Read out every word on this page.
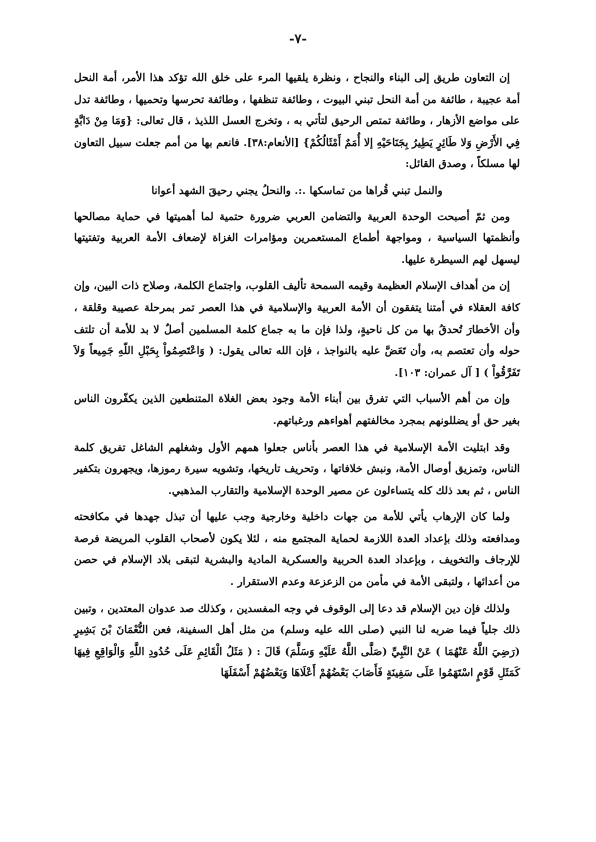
-٧-

إن التعاون طريق إلى البناء والنجاح ، ونظرة يلقيها المرء على خلق الله تؤكد هذا الأمر، أمة النحل أمة عجيبة ، طائفة من أمة النحل تبني البيوت ، وطائفة تنظفها ، وطائفة تحرسها وتحميها ، وطائفة تدل على مواضع الأزهار ، وطائفة تمتص الرحيق لتأتي به ، وتخرج العسل اللذيذ ، قال تعالى: {وَمَا مِنْ دَابَّةٍ فِي الأَرْضِ وَلا طَائِرٍ يَطِيرُ بِجَنَاحَيْهِ إلا أُمَمٌ أَمْثَالُكُمْ} [الأنعام:٣٨]. فانعم بها من أمم جعلت سبيل التعاون لها مسلكاً ، وصدق القائل:

والنمل تبني قُراها من تماسكها .:. والنحلُ يجني رحيقَ الشهد أعوانا

ومن ثمّ أصبحت الوحدة العربية والتضامن العربي ضرورة حتمية لما أهميتها في حماية مصالحها وأنظمتها السياسية ، ومواجهة أطماع المستعمرين ومؤامرات الغزاة لإضعاف الأمة العربية وتفتيتها ليسهل لهم السيطرة عليها.

إن من أهداف الإسلام العظيمة وقيمه السمحة تأليف القلوب، واجتماع الكلمة، وصلاح ذات البين، وإن كافة العقلاء في أمتنا يتفقون أن الأمة العربية والإسلامية في هذا العصر تمر بمرحلة عصيبة وقلقة ، وأن الأخطارَ تُحدقُ بها من كل ناحيةٍ، ولذا فإن ما به جماع كلمة المسلمين أصلٌ لا بد للأمة أن تلتف حوله وأن تعتصم به، وأن تَعَضَّ عليه بالنواجذ ، فإن الله تعالى يقول: ( وَاعْتَصِمُواْ بِحَبْلِ اللّهِ جَمِيعاً وَلاَ تَفَرَّقُواْ ) [ آل عمران: ١٠٣].

وإن من أهم الأسباب التي تفرق بين أبناء الأمة وجود بعض الغلاة المتنطعين الذين يكفّرون الناس بغير حق أو يضللونهم بمجرد مخالفتهم أهواءهم ورغباتهم.

وقد ابتليت الأمة الإسلامية في هذا العصر بأناس جعلوا همهم الأول وشغلهم الشاغل تفريق كلمة الناس، وتمزيق أوصال الأمة، ونبش خلافاتها ، وتحريف تاريخها، وتشويه سيرة رموزها، ويجهرون بتكفير الناس ، ثم بعد ذلك كله يتساءلون عن مصير الوحدة الإسلامية والتقارب المذهبي.

ولما كان الإرهاب يأتي للأمة من جهات داخلية وخارجية وجب عليها أن تبذل جهدها في مكافحته ومدافعته وذلك بإعداد العدة اللازمة لحماية المجتمع منه ، لئلا يكون لأصحاب القلوب المريضة فرصة للإرجاف والتخويف ، وبإعداد العدة الحربية والعسكرية المادية والبشرية لتبقى بلاد الإسلام في حصن من أعدائها ، ولتبقى الأمة في مأمن من الزعزعة وعدم الاستقرار .

ولذلك فإن دين الإسلام قد دعا إلى الوقوف في وجه المفسدين ، وكذلك صد عدوان المعتدين ، وتبين ذلك جلياً فيما ضربه لنا النبي (صلى الله عليه وسلم) من مثل أهل السفينة، فعن النُّعْمَانَ بْنَ بَشِيرٍ (رَضِيَ اللَّهُ عَنْهُمَا ) عَنْ النَّبِيِّ (صَلَّى اللَّهُ عَلَيْهِ وَسَلَّمَ) قَالَ : ( مَثَلُ الْقَائِمِ عَلَى حُدُودِ اللَّهِ وَالْوَاقِعِ فِيهَا كَمَثَلِ قَوْمٍ اسْتَهَمُوا عَلَى سَفِينَةٍ فَأَصَابَ بَعْضُهُمْ أَعْلَاهَا وَبَعْضُهُمْ أَسْفَلَهَا
